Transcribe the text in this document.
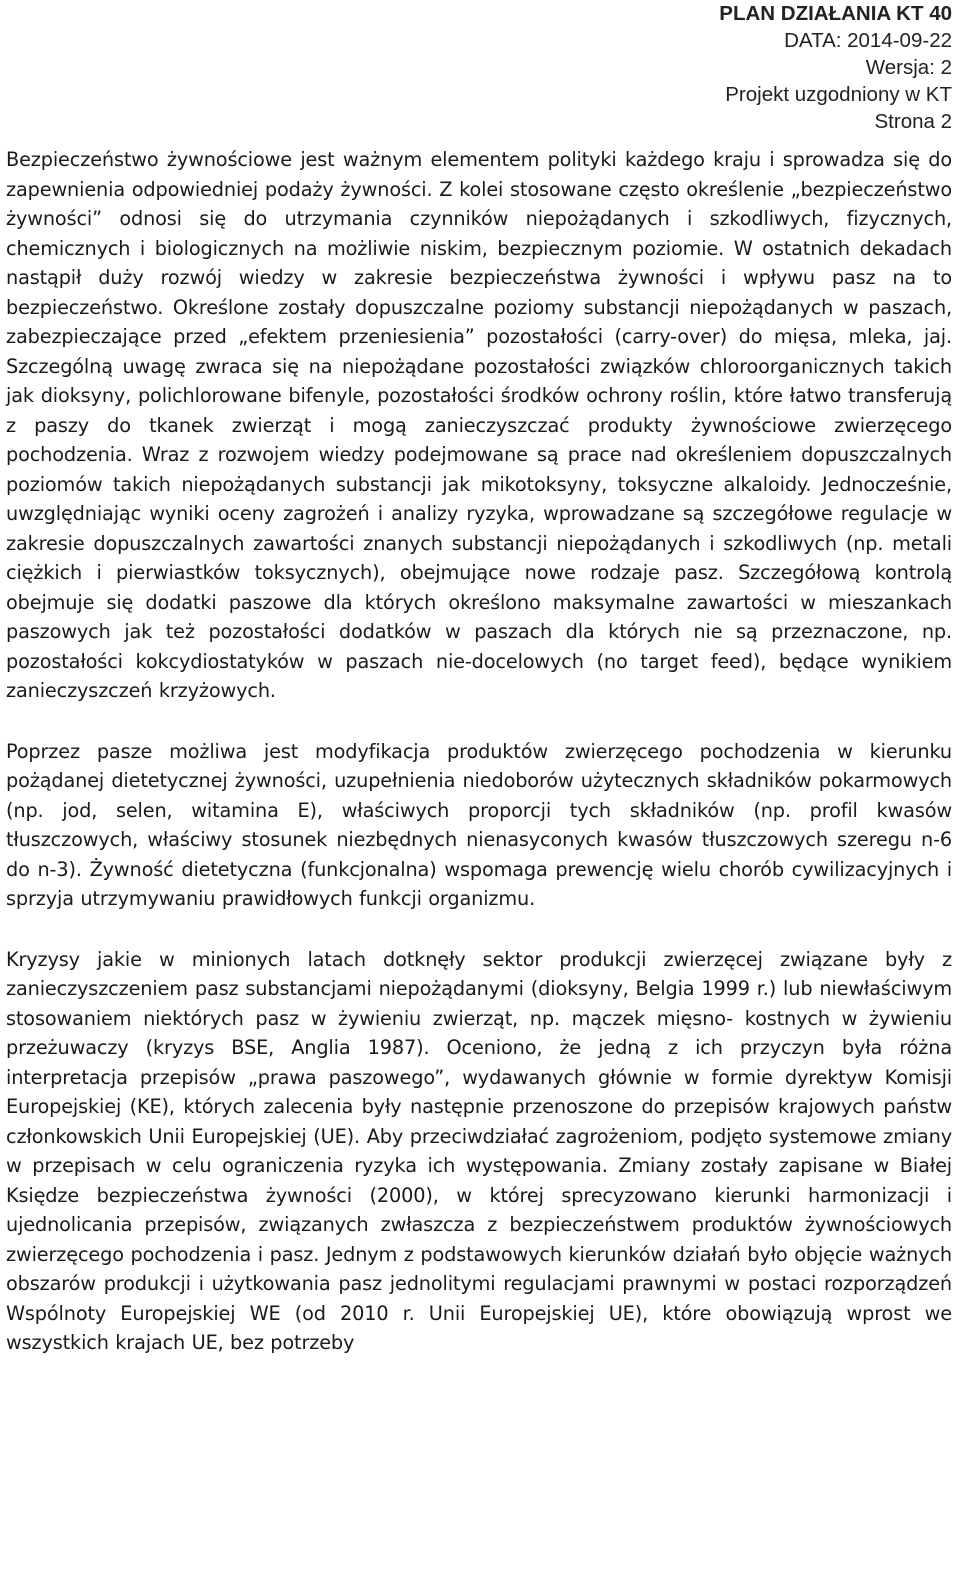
PLAN DZIAŁANIA KT 40
DATA: 2014-09-22
Wersja: 2
Projekt uzgodniony w KT
Strona 2

Bezpieczeństwo żywnościowe jest ważnym elementem polityki każdego kraju i sprowadza się do zapewnienia odpowiedniej podaży żywności. Z kolei stosowane często określenie „bezpieczeństwo żywności” odnosi się do utrzymania czynników niepożądanych i szkodliwych, fizycznych, chemicznych i biologicznych na możliwie niskim, bezpiecznym poziomie. W ostatnich dekadach nastąpił duży rozwój wiedzy w zakresie bezpieczeństwa żywności i wpływu pasz na to bezpieczeństwo. Określone zostały dopuszczalne poziomy substancji niepożądanych w paszach, zabezpieczające przed „efektem przeniesienia” pozostałości (carry-over) do mięsa, mleka, jaj. Szczególną uwagę zwraca się na niepożądane pozostałości związków chloroorganicznych takich jak dioksyny, polichlorowane bifenyle, pozostałości środków ochrony roślin, które łatwo transferują z paszy do tkanek zwierząt i mogą zanieczyszczać produkty żywnościowe zwierzęcego pochodzenia. Wraz z rozwojem wiedzy podejmowane są prace nad określeniem dopuszczalnych poziomów takich niepożądanych substancji jak mikotoksyny, toksyczne alkaloidy. Jednocześnie, uwzględniając wyniki oceny zagrożeń i analizy ryzyka, wprowadzane są szczegółowe regulacje w zakresie dopuszczalnych zawartości znanych substancji niepożądanych i szkodliwych (np. metali ciężkich i pierwiastków toksycznych), obejmujące nowe rodzaje pasz. Szczegółową kontrolą obejmuje się dodatki paszowe dla których określono maksymalne zawartości w mieszankach paszowych jak też pozostałości dodatków w paszach dla których nie są przeznaczone, np. pozostałości kokcydiostatyków w paszach nie-docelowych (no target feed), będące wynikiem zanieczyszczeń krzyżowych.

Poprzez pasze możliwa jest modyfikacja produktów zwierzęcego pochodzenia w kierunku pożądanej dietetycznej żywności, uzupełnienia niedoborów użytecznych składników pokarmowych (np. jod, selen, witamina E), właściwych proporcji tych składników (np. profil kwasów tłuszczowych, właściwy stosunek niezbędnych nienasyconych kwasów tłuszczowych szeregu n-6 do n-3). Żywność dietetyczna (funkcjonalna) wspomaga prewencję wielu chorób cywilizacyjnych i sprzyja utrzymywaniu prawidłowych funkcji organizmu.

Kryzysy jakie w minionych latach dotknęły sektor produkcji zwierzęcej związane były z zanieczyszczeniem pasz substancjami niepożądanymi (dioksyny, Belgia 1999 r.) lub niewłaściwym stosowaniem niektórych pasz w żywieniu zwierząt, np. mączek mięsno- kostnych w żywieniu przeżuwaczy (kryzys BSE, Anglia 1987). Oceniono, że jedną z ich przyczyn była różna interpretacja przepisów „prawa paszowego”, wydawanych głównie w formie dyrektyw Komisji Europejskiej (KE), których zalecenia były następnie przenoszone do przepisów krajowych państw członkowskich Unii Europejskiej (UE). Aby przeciwdziałać zagrożeniom, podjęto systemowe zmiany w przepisach w celu ograniczenia ryzyka ich występowania. Zmiany zostały zapisane w Białej Księdze bezpieczeństwa żywności (2000), w której sprecyzowano kierunki harmonizacji i ujednolicania przepisów, związanych zwłaszcza z bezpieczeństwem produktów żywnościowych zwierzęcego pochodzenia i pasz. Jednym z podstawowych kierunków działań było objęcie ważnych obszarów produkcji i użytkowania pasz jednolitymi regulacjami prawnymi w postaci rozporządzeń Wspólnoty Europejskiej WE (od 2010 r. Unii Europejskiej UE), które obowiązują wprost we wszystkich krajach UE, bez potrzeby
